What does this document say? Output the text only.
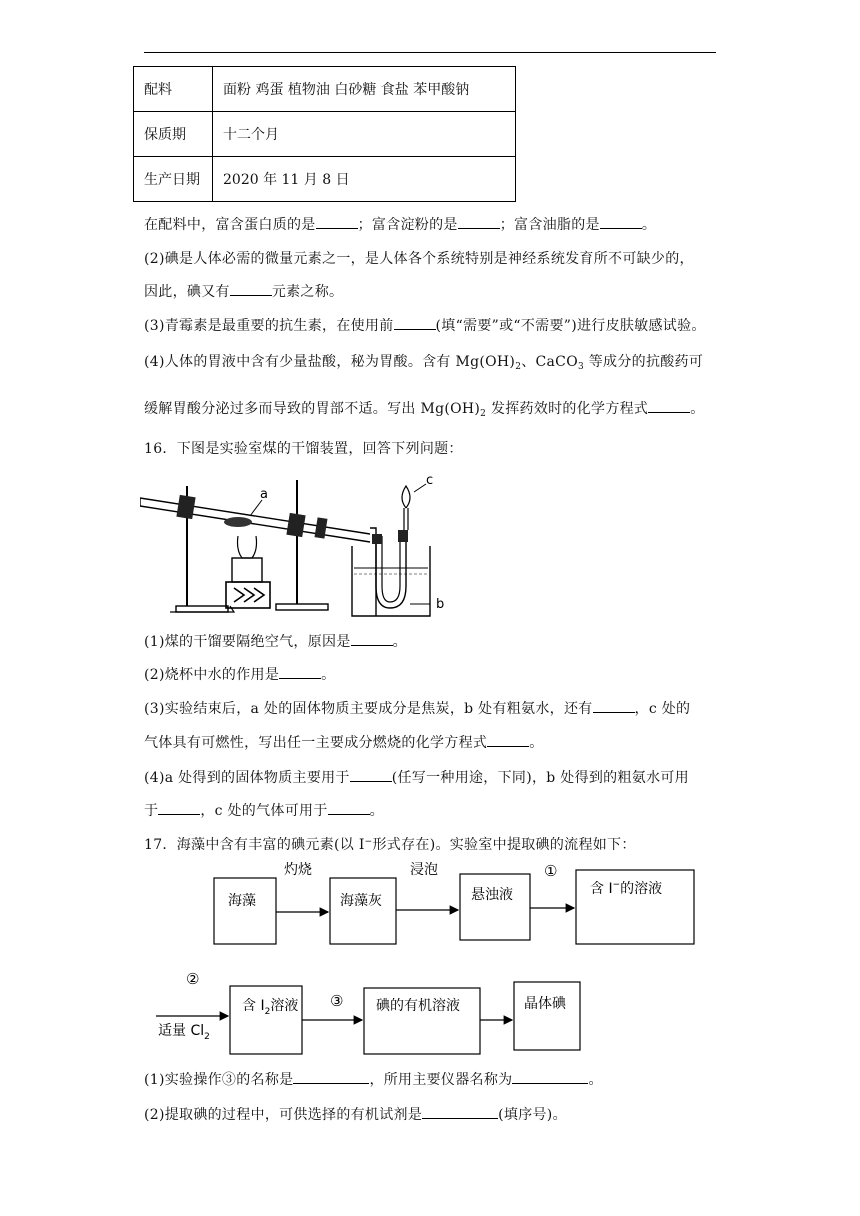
配料	面粉 鸡蛋 植物油 白砂糖 食盐 苯甲酸钠
保质期	十二个月
生产日期	2020 年 11 月 8 日
在配料中，富含蛋白质的是	；富含淀粉的是	；富含油脂的是	。
(2)碘是人体必需的微量元素之一，是人体各个系统特别是神经系统发育所不可缺少的，
因此，碘又有	元素之称。
(3)青霉素是最重要的抗生素，在使用前	(填“需要”或“不需要”)进行皮肤敏感试验。
(4)人体的胃液中含有少量盐酸，秘为胃酸。含有 $Mg(OH)_2$、CaCO$_3$ 等成分的抗酸药可
缓解胃酸分泌过多而导致的胃部不适。写出 $Mg(OH)_2$ 发挥药效时的化学方程式	。
16．下图是实验室煤的干馏装置，回答下列问题：
a
b
c
(1)煤的干馏要隔绝空气，原因是	。
(2)烧杯中水的作用是	。
(3)实验结束后，a 处的固体物质主要成分是焦炭，b 处有粗氨水，还有	，c 处的
气体具有可燃性，写出任一主要成分燃烧的化学方程式	。
(4)a 处得到的固体物质主要用于	(任写一种用途，下同)，b 处得到的粗氨水可用
于	，c 处的气体可用于	。
17．海藻中含有丰富的碘元素(以 I−形式存在)。实验室中提取碘的流程如下：
海藻	海藻灰	悬浊液	含 I−的溶液
含 $I_2$溶液	碘的有机溶液	晶体碘
灼烧	浸泡	①
②
③
适量 $Cl_2$
(1)实验操作③的名称是	，所用主要仪器名称为	。
(2)提取碘的过程中，可供选择的有机试剂是	(填序号)。
